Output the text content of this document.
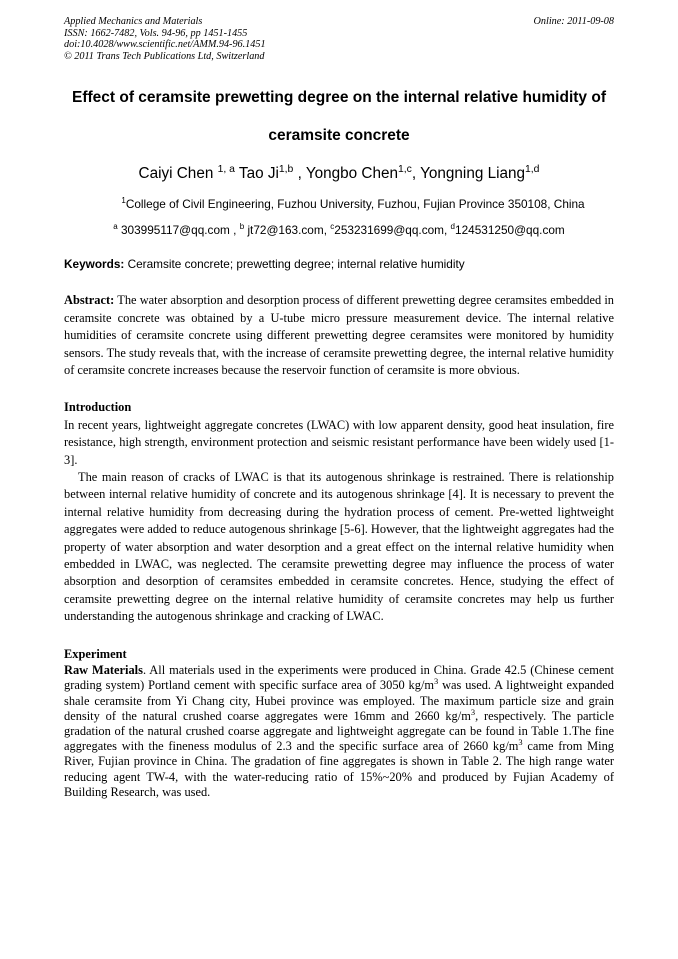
Applied Mechanics and Materials
ISSN: 1662-7482, Vols. 94-96, pp 1451-1455
doi:10.4028/www.scientific.net/AMM.94-96.1451
© 2011 Trans Tech Publications Ltd, Switzerland
Online: 2011-09-08
Effect of ceramsite prewetting degree on the internal relative humidity of
ceramsite concrete
Caiyi Chen $^{1, a}$ Tao Ji$^{1,b}$ , Yongbo Chen$^{1,c}$, Yongning Liang$^{1,d}$
$^1$College of Civil Engineering, Fuzhou University, Fuzhou, Fujian Province 350108, China
$^a$ 303995117@qq.com , $^b$ jt72@163.com, $^c$253231699@qq.com, $^d$124531250@qq.com
Keywords: Ceramsite concrete; prewetting degree; internal relative humidity
Abstract: The water absorption and desorption process of different prewetting degree ceramsites embedded in ceramsite concrete was obtained by a U-tube micro pressure measurement device. The internal relative humidities of ceramsite concrete using different prewetting degree ceramsites were monitored by humidity sensors. The study reveals that, with the increase of ceramsite prewetting degree, the internal relative humidity of ceramsite concrete increases because the reservoir function of ceramsite is more obvious.
Introduction
In recent years, lightweight aggregate concretes (LWAC) with low apparent density, good heat insulation, fire resistance, high strength, environment protection and seismic resistant performance have been widely used [1-3].
The main reason of cracks of LWAC is that its autogenous shrinkage is restrained. There is relationship between internal relative humidity of concrete and its autogenous shrinkage [4]. It is necessary to prevent the internal relative humidity from decreasing during the hydration process of cement. Pre-wetted lightweight aggregates were added to reduce autogenous shrinkage [5-6]. However, that the lightweight aggregates had the property of water absorption and water desorption and a great effect on the internal relative humidity when embedded in LWAC, was neglected. The ceramsite prewetting degree may influence the process of water absorption and desorption of ceramsites embedded in ceramsite concretes. Hence, studying the effect of ceramsite prewetting degree on the internal relative humidity of ceramsite concretes may help us further understanding the autogenous shrinkage and cracking of LWAC.
Experiment
Raw Materials. All materials used in the experiments were produced in China. Grade 42.5 (Chinese cement grading system) Portland cement with specific surface area of 3050 $kg/m^3$ was used. A lightweight expanded shale ceramsite from Yi Chang city, Hubei province was employed. The maximum particle size and grain density of the natural crushed coarse aggregates were 16mm and 2660 $kg/m^3$, respectively. The particle gradation of the natural crushed coarse aggregate and lightweight aggregate can be found in Table 1.The fine aggregates with the fineness modulus of 2.3 and the specific surface area of 2660 $kg/m^3$ came from Ming River, Fujian province in China. The gradation of fine aggregates is shown in Table 2. The high range water reducing agent TW-4, with the water-reducing ratio of 15%~20% and produced by Fujian Academy of Building Research, was used.
